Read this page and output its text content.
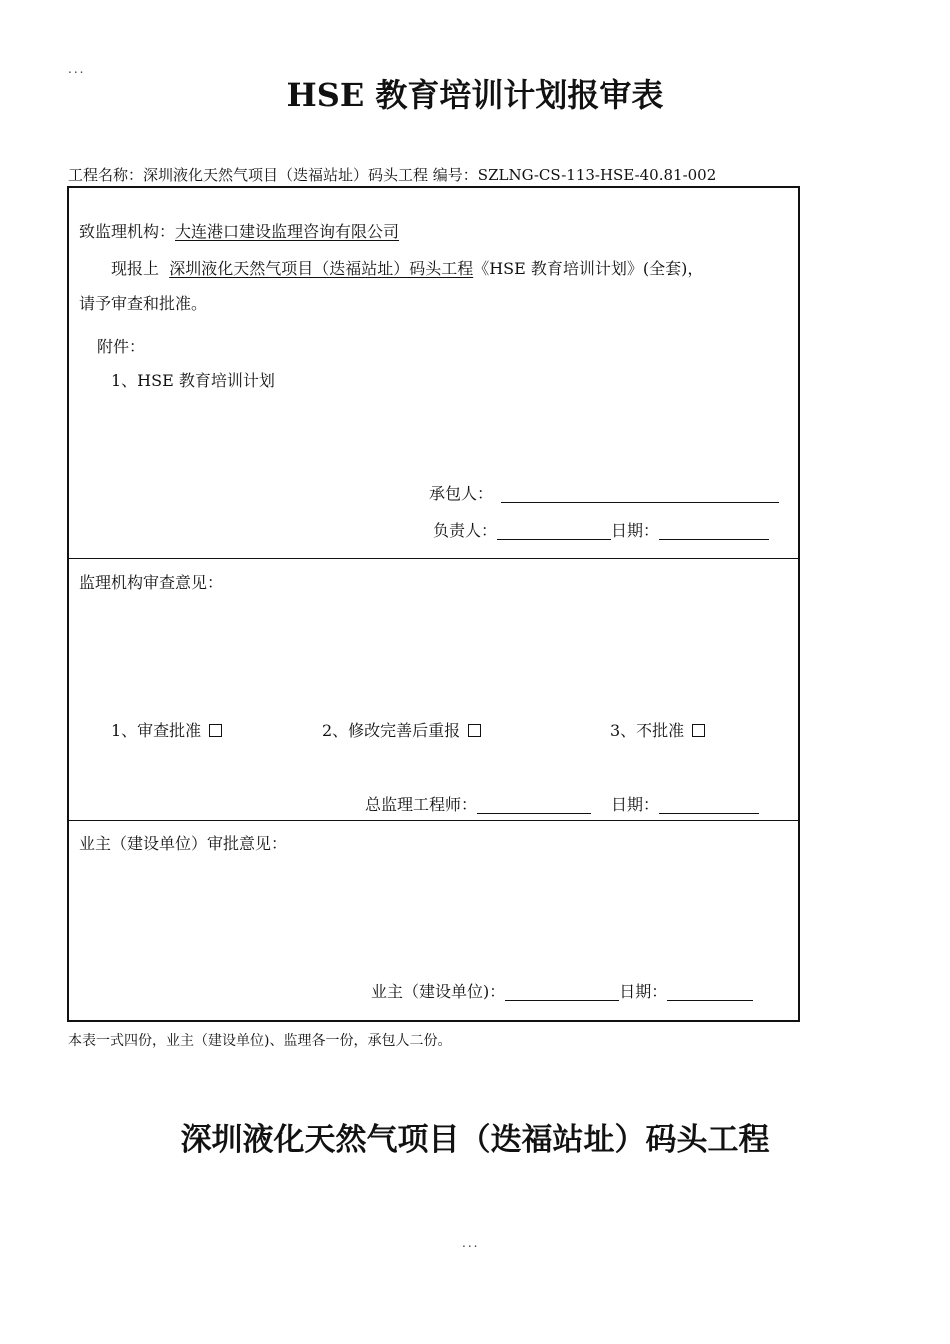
...
HSE 教育培训计划报审表
工程名称：深圳液化天然气项目（迭福站址）码头工程 编号：SZLNG-CS-113-HSE-40.81-002
致监理机构：大连港口建设监理咨询有限公司
现报上 深圳液化天然气项目（迭福站址）码头工程《HSE 教育培训计划》(全套)，
请予审查和批准。
附件：
1、HSE 教育培训计划
承包人：
负责人：	日期：
监理机构审查意见：
1、审查批准	2、修改完善后重报	3、不批准
总监理工程师：	日期：
业主（建设单位）审批意见：
业主（建设单位)：	日期：
本表一式四份，业主（建设单位)、监理各一份，承包人二份。
深圳液化天然气项目（迭福站址）码头工程
...
